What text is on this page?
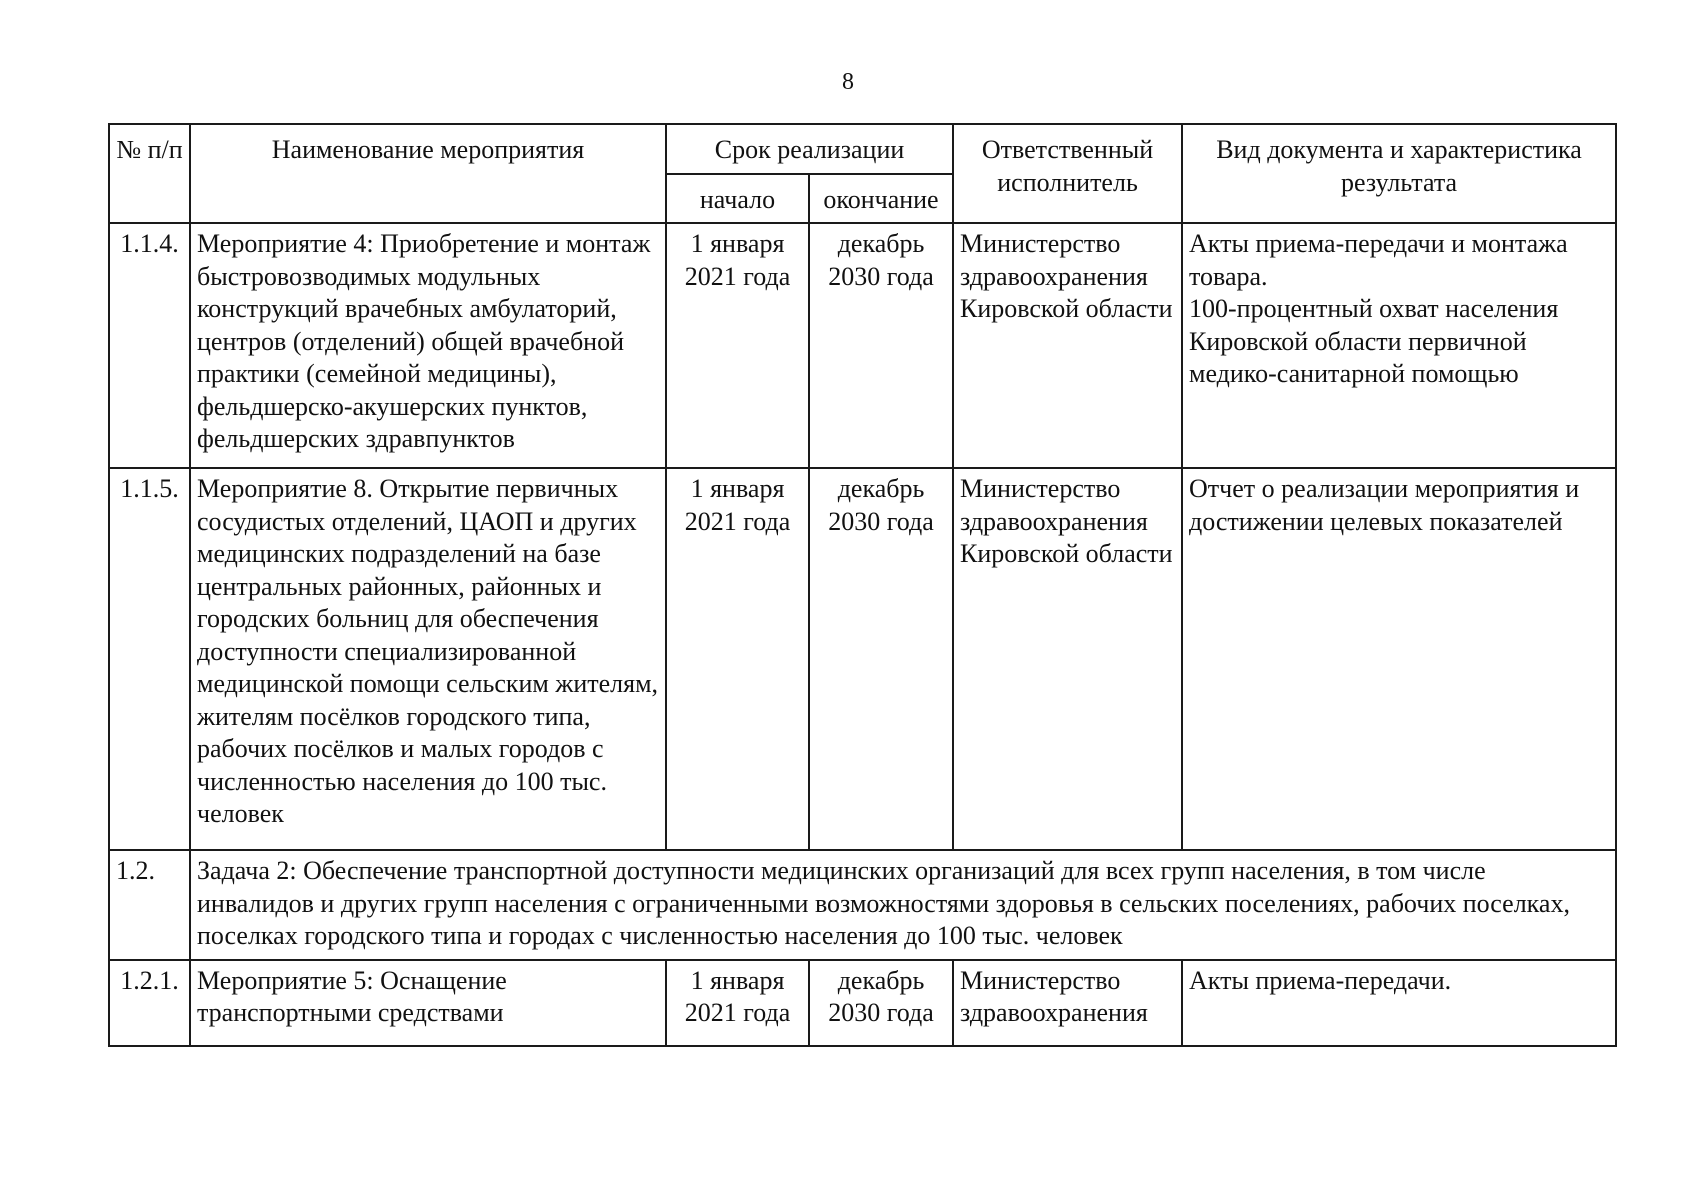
8
№ п/п	Наименование мероприятия	Срок реализации		Ответственный исполнитель	Вид документа и характеристика результата
		начало	окончание		
1.1.4.	Мероприятие 4: Приобретение и монтаж быстровозводимых модульных конструкций врачебных амбулаторий, центров (отделений) общей врачебной практики (семейной медицины), фельдшерско-акушерских пунктов, фельдшерских здравпунктов	1 января 2021 года	декабрь 2030 года	Министерство здравоохранения Кировской области	Акты приема-передачи и монтажа товара.
100-процентный охват населения Кировской области первичной медико-санитарной помощью
1.1.5.	Мероприятие 8. Открытие первичных сосудистых отделений, ЦАОП и других медицинских подразделений на базе центральных районных, районных и городских больниц для обеспечения доступности специализированной медицинской помощи сельским жителям, жителям посёлков городского типа, рабочих посёлков и малых городов с численностью населения до 100 тыс. человек	1 января 2021 года	декабрь 2030 года	Министерство здравоохранения Кировской области	Отчет о реализации мероприятия и достижении целевых показателей
1.2.	Задача 2: Обеспечение транспортной доступности медицинских организаций для всех групп населения, в том числе инвалидов и других групп населения с ограниченными возможностями здоровья в сельских поселениях, рабочих поселках, поселках городского типа и городах с численностью населения до 100 тыс. человек				
1.2.1.	Мероприятие 5: Оснащение транспортными средствами	1 января 2021 года	декабрь 2030 года	Министерство здравоохранения	Акты приема-передачи.
